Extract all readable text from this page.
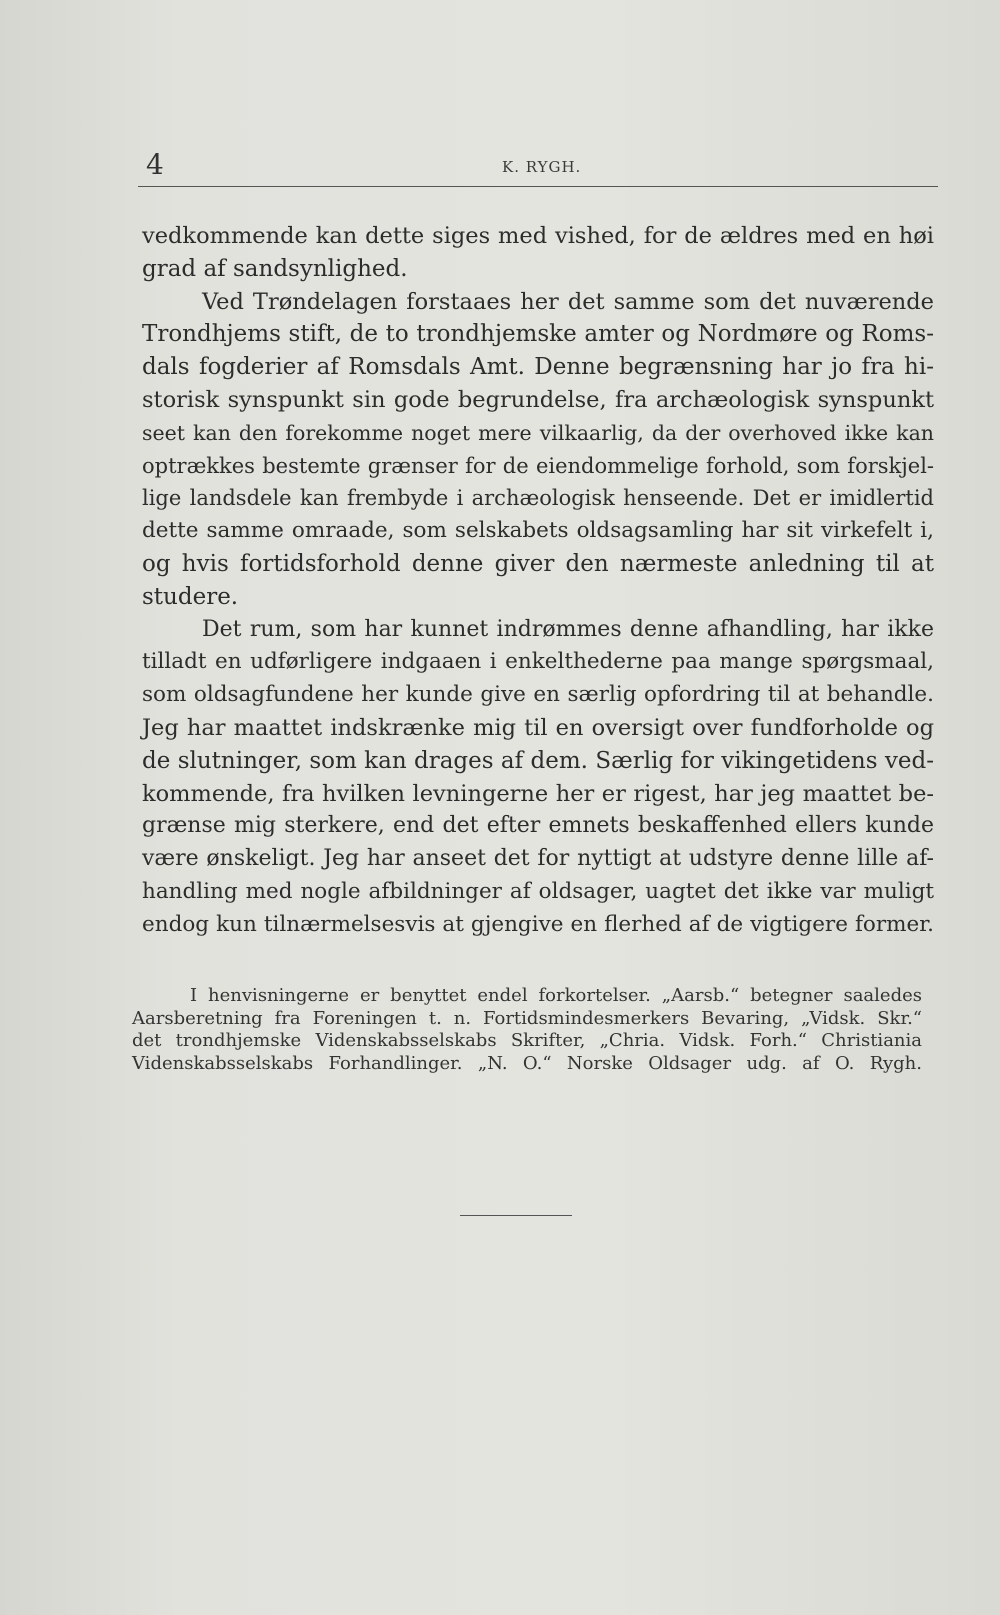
4	K. RYGH.
vedkommende kan dette siges med vished, for de ældres med en høi
grad af sandsynlighed.
Ved Trøndelagen forstaaes her det samme som det nuværende
Trondhjems stift, de to trondhjemske amter og Nordmøre og Roms-
dals fogderier af Romsdals Amt. Denne begrænsning har jo fra hi-
storisk synspunkt sin gode begrundelse, fra archæologisk synspunkt
seet kan den forekomme noget mere vilkaarlig, da der overhoved ikke kan
optrækkes bestemte grænser for de eiendommelige forhold, som forskjel-
lige landsdele kan frembyde i archæologisk henseende. Det er imidlertid
dette samme omraade, som selskabets oldsagsamling har sit virkefelt i,
og hvis fortidsforhold denne giver den nærmeste anledning til at
studere.
Det rum, som har kunnet indrømmes denne afhandling, har ikke
tilladt en udførligere indgaaen i enkelthederne paa mange spørgsmaal,
som oldsagfundene her kunde give en særlig opfordring til at behandle.
Jeg har maattet indskrænke mig til en oversigt over fundforholde og
de slutninger, som kan drages af dem. Særlig for vikingetidens ved-
kommende, fra hvilken levningerne her er rigest, har jeg maattet be-
grænse mig sterkere, end det efter emnets beskaffenhed ellers kunde
være ønskeligt. Jeg har anseet det for nyttigt at udstyre denne lille af-
handling med nogle afbildninger af oldsager, uagtet det ikke var muligt
endog kun tilnærmelsesvis at gjengive en flerhed af de vigtigere former.
I henvisningerne er benyttet endel forkortelser. „Aarsb.“ betegner saaledes
Aarsberetning fra Foreningen t. n. Fortidsmindesmerkers Bevaring, „Vidsk. Skr.“
det trondhjemske Videnskabsselskabs Skrifter, „Chria. Vidsk. Forh.“ Christiania
Videnskabsselskabs Forhandlinger. „N. O.“ Norske Oldsager udg. af O. Rygh.
